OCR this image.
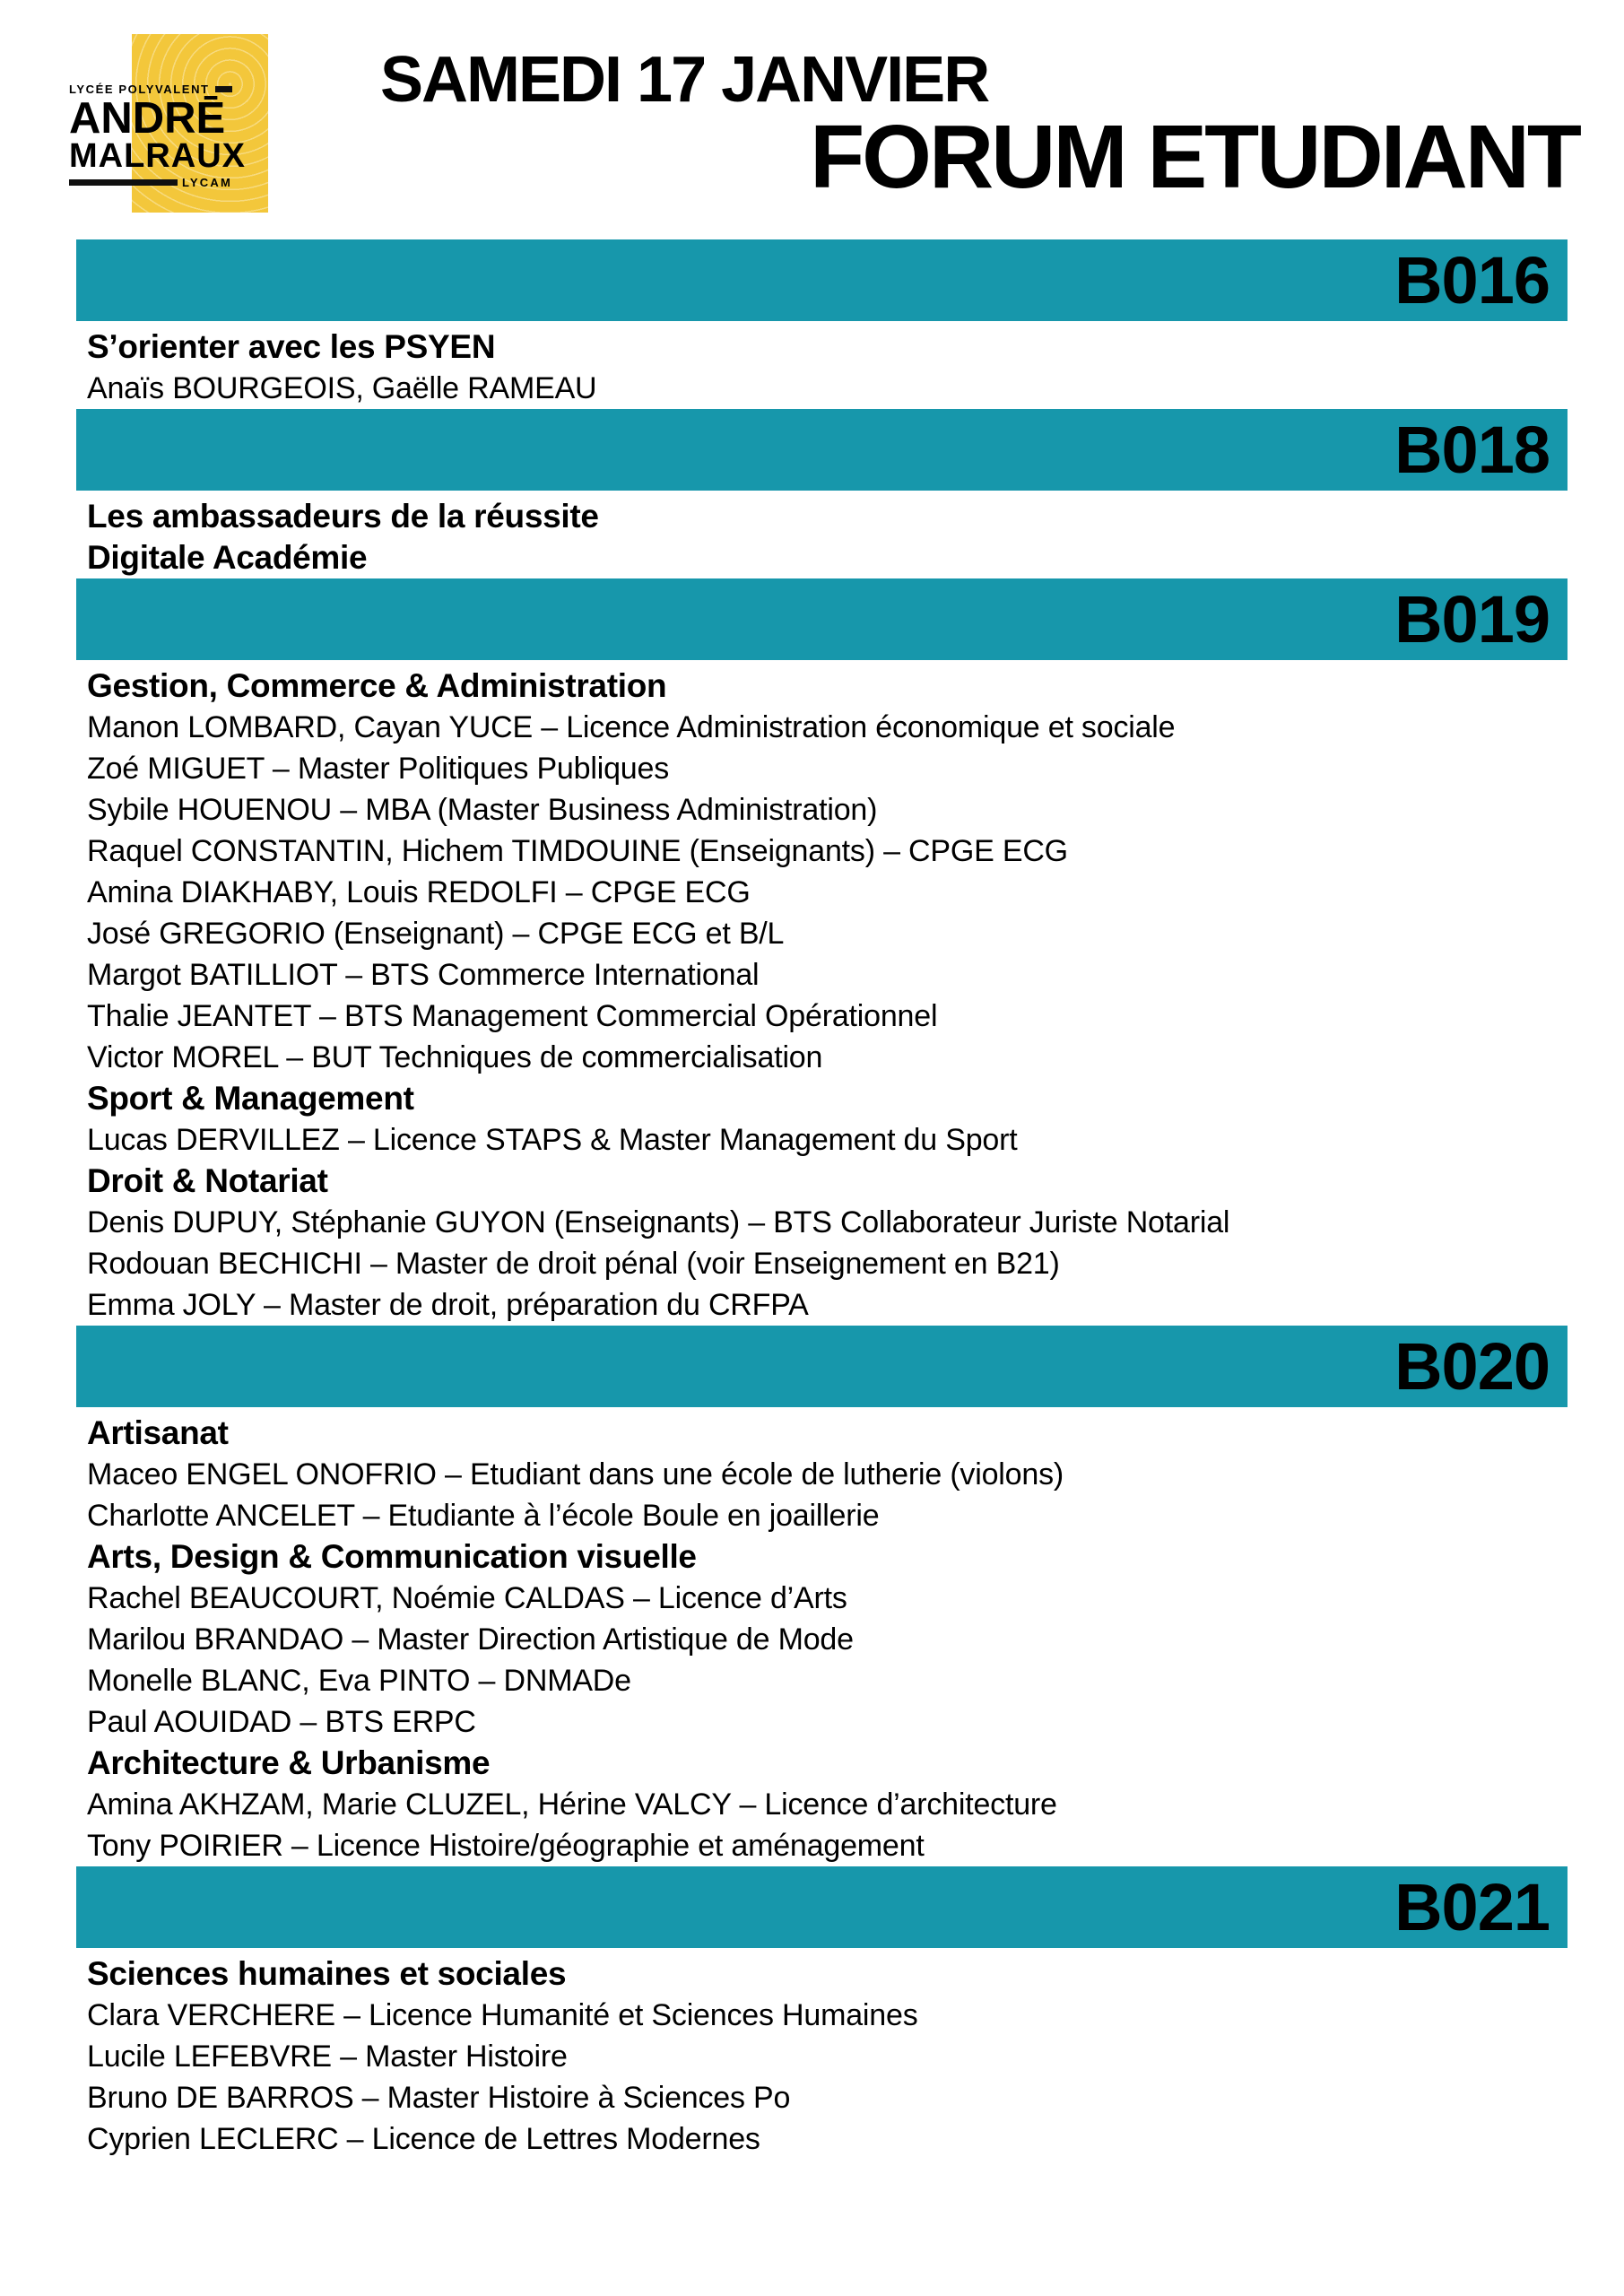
LYCÉE POLYVALENT
ANDRĒ
MALRAUX
LYCAM
SAMEDI 17 JANVIER
FORUM ETUDIANT
B016
S’orienter avec les PSYEN

Anaïs BOURGEOIS, Gaëlle RAMEAU

B018
Les ambassadeurs de la réussite
Digitale Académie
B019
Gestion, Commerce & Administration

Manon LOMBARD, Cayan YUCE – Licence Administration économique et sociale

Zoé MIGUET – Master Politiques Publiques

Sybile HOUENOU – MBA (Master Business Administration)

Raquel CONSTANTIN, Hichem TIMDOUINE (Enseignants) – CPGE ECG

Amina DIAKHABY, Louis REDOLFI – CPGE ECG

José GREGORIO (Enseignant) – CPGE ECG et B/L

Margot BATILLIOT – BTS Commerce International

Thalie JEANTET – BTS Management Commercial Opérationnel

Victor MOREL – BUT Techniques de commercialisation

Sport & Management

Lucas DERVILLEZ – Licence STAPS & Master Management du Sport

Droit & Notariat

Denis DUPUY, Stéphanie GUYON (Enseignants) – BTS Collaborateur Juriste Notarial

Rodouan BECHICHI – Master de droit pénal (voir Enseignement en B21)

Emma JOLY – Master de droit, préparation du CRFPA

B020
Artisanat

Maceo ENGEL ONOFRIO – Etudiant dans une école de lutherie (violons)

Charlotte ANCELET – Etudiante à l’école Boule en joaillerie

Arts, Design & Communication visuelle

Rachel BEAUCOURT, Noémie CALDAS – Licence d’Arts

Marilou BRANDAO – Master Direction Artistique de Mode

Monelle BLANC, Eva PINTO – DNMADe

Paul AOUIDAD – BTS ERPC

Architecture & Urbanisme

Amina AKHZAM, Marie CLUZEL, Hérine VALCY – Licence d’architecture

Tony POIRIER – Licence Histoire/géographie et aménagement

B021
Sciences humaines et sociales

Clara VERCHERE – Licence Humanité et Sciences Humaines

Lucile LEFEBVRE – Master Histoire

Bruno DE BARROS – Master Histoire à Sciences Po

Cyprien LECLERC – Licence de Lettres Modernes
